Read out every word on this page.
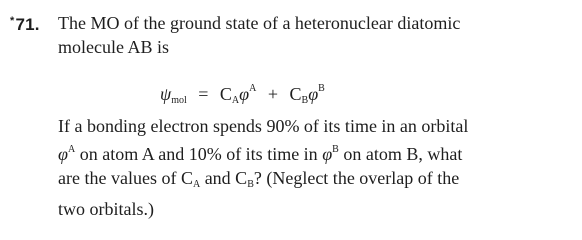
*71. The MO of the ground state of a heteronuclear diatomic
molecule AB is
$\psi_{mol} = C_A\varphi^A + C_B\varphi^B$
If a bonding electron spends 90% of its time in an orbital
$\varphi^A$ on atom A and 10% of its time in $\varphi^B$ on atom B, what
are the values of $C_A$ and $C_B$? (Neglect the overlap of the
two orbitals.)
